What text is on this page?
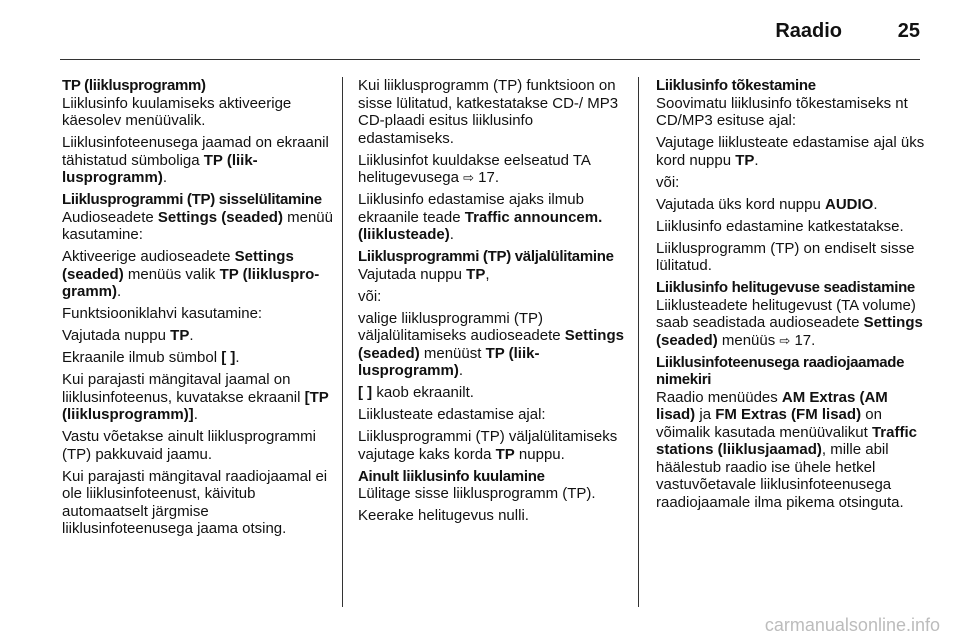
Raadio	25
TP (liiklusprogramm)

Liiklusinfo kuulamiseks aktiveerige käesolev menüüvalik.

Liiklusinfoteenusega jaamad on ekraanil tähistatud sümboliga TP (liik-lusprogramm).

Liiklusprogrammi (TP) sisselülitamine

Audioseadete Settings (seaded) menüü kasutamine:

Aktiveerige audioseadete Settings (seaded) menüüs valik TP (liiklusprо-gramm).

Funktsiooniklahvi kasutamine:

Vajutada nuppu TP.

Ekraanile ilmub sümbol [ ].

Kui parajasti mängitaval jaamal on liiklusinfoteenus, kuvatakse ekraanil [TP (liiklusprogramm)].

Vastu võetakse ainult liiklusprogrammi (TP) pakkuvaid jaamu.

Kui parajasti mängitaval raadiojaamal ei ole liiklusinfoteenust, käivitub automaatselt järgmise liiklusinfoteenusega jaama otsing.

Kui liiklusprogramm (TP) funktsioon on sisse lülitatud, katkestatakse CD-/ MP3 CD-plaadi esitus liiklusinfo edastamiseks.

Liiklusinfot kuuldakse eelseatud TA helitugevusega ⇨ 17.

Liiklusinfo edastamise ajaks ilmub ekraanile teade Traffic announcem. (liiklusteade).

Liiklusprogrammi (TP) väljalülitamine

Vajutada nuppu TP,

või:

valige liiklusprogrammi (TP) väljalülitamiseks audioseadete Settings (seaded) menüüst TP (liik-lusprogramm).

[ ] kaob ekraanilt.

Liiklusteate edastamise ajal:

Liiklusprogrammi (TP) väljalülitamiseks vajutage kaks korda TP nuppu.

Ainult liiklusinfo kuulamine

Lülitage sisse liiklusprogramm (TP).

Keerake helitugevus nulli.

Liiklusinfo tõkestamine

Soovimatu liiklusinfo tõkestamiseks nt CD/MP3 esituse ajal:

Vajutage liiklusteate edastamise ajal üks kord nuppu TP.

või:

Vajutada üks kord nuppu AUDIO.

Liiklusinfo edastamine katkestatakse.

Liiklusprogramm (TP) on endiselt sisse lülitatud.

Liiklusinfo helitugevuse seadistamine

Liiklusteadete helitugevust (TA volume) saab seadistada audioseadete Settings (seaded) menüüs ⇨ 17.

Liiklusinfoteenusega raadiojaamade nimekiri

Raadio menüüdes AM Extras (AM lisad) ja FM Extras (FM lisad) on võimalik kasutada menüüvalikut Traffic stations (liiklusjaamad), mille abil häälestub raadio ise ühele hetkel vastuvõetavale liiklusinfoteenusega raadiojaamale ilma pikema otsinguta.

carmanualsonline.info
